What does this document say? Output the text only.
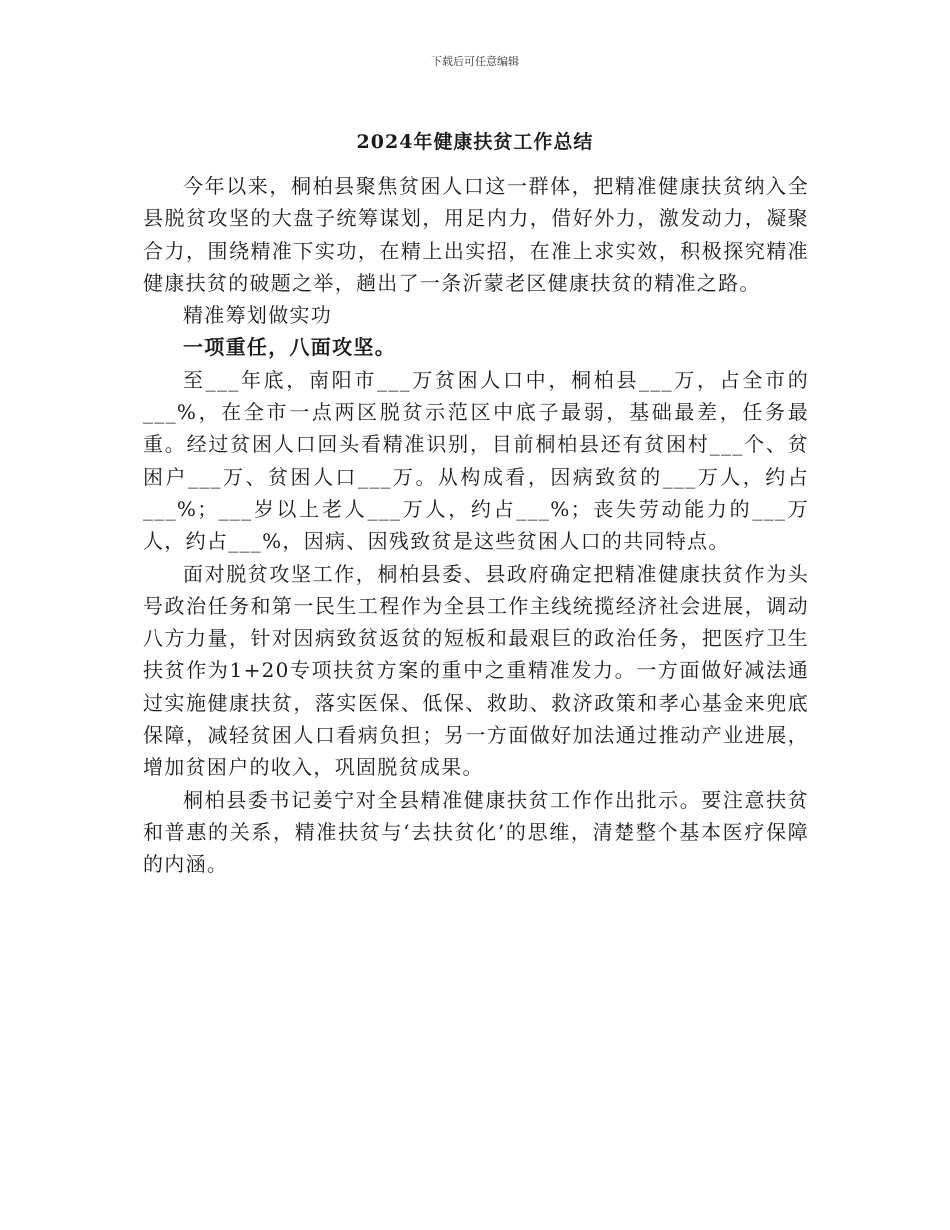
下载后可任意编辑
2024年健康扶贫工作总结

今年以来，桐柏县聚焦贫困人口这一群体，把精准健康扶贫纳入全县脱贫攻坚的大盘子统筹谋划，用足内力，借好外力，激发动力，凝聚合力，围绕精准下实功，在精上出实招，在准上求实效，积极探究精准健康扶贫的破题之举，趟出了一条沂蒙老区健康扶贫的精准之路。

精准筹划做实功

一项重任，八面攻坚。

至___年底，南阳市___万贫困人口中，桐柏县___万，占全市的___%，在全市一点两区脱贫示范区中底子最弱，基础最差，任务最重。经过贫困人口回头看精准识别，目前桐柏县还有贫困村___个、贫困户___万、贫困人口___万。从构成看，因病致贫的___万人，约占___%；___岁以上老人___万人，约占___%；丧失劳动能力的___万人，约占___%，因病、因残致贫是这些贫困人口的共同特点。

面对脱贫攻坚工作，桐柏县委、县政府确定把精准健康扶贫作为头号政治任务和第一民生工程作为全县工作主线统揽经济社会进展，调动八方力量，针对因病致贫返贫的短板和最艰巨的政治任务，把医疗卫生扶贫作为1+20专项扶贫方案的重中之重精准发力。一方面做好减法通过实施健康扶贫，落实医保、低保、救助、救济政策和孝心基金来兜底保障，减轻贫困人口看病负担；另一方面做好加法通过推动产业进展，增加贫困户的收入，巩固脱贫成果。

桐柏县委书记姜宁对全县精准健康扶贫工作作出批示。要注意扶贫和普惠的关系，精准扶贫与‘去扶贫化’的思维，清楚整个基本医疗保障的内涵。
